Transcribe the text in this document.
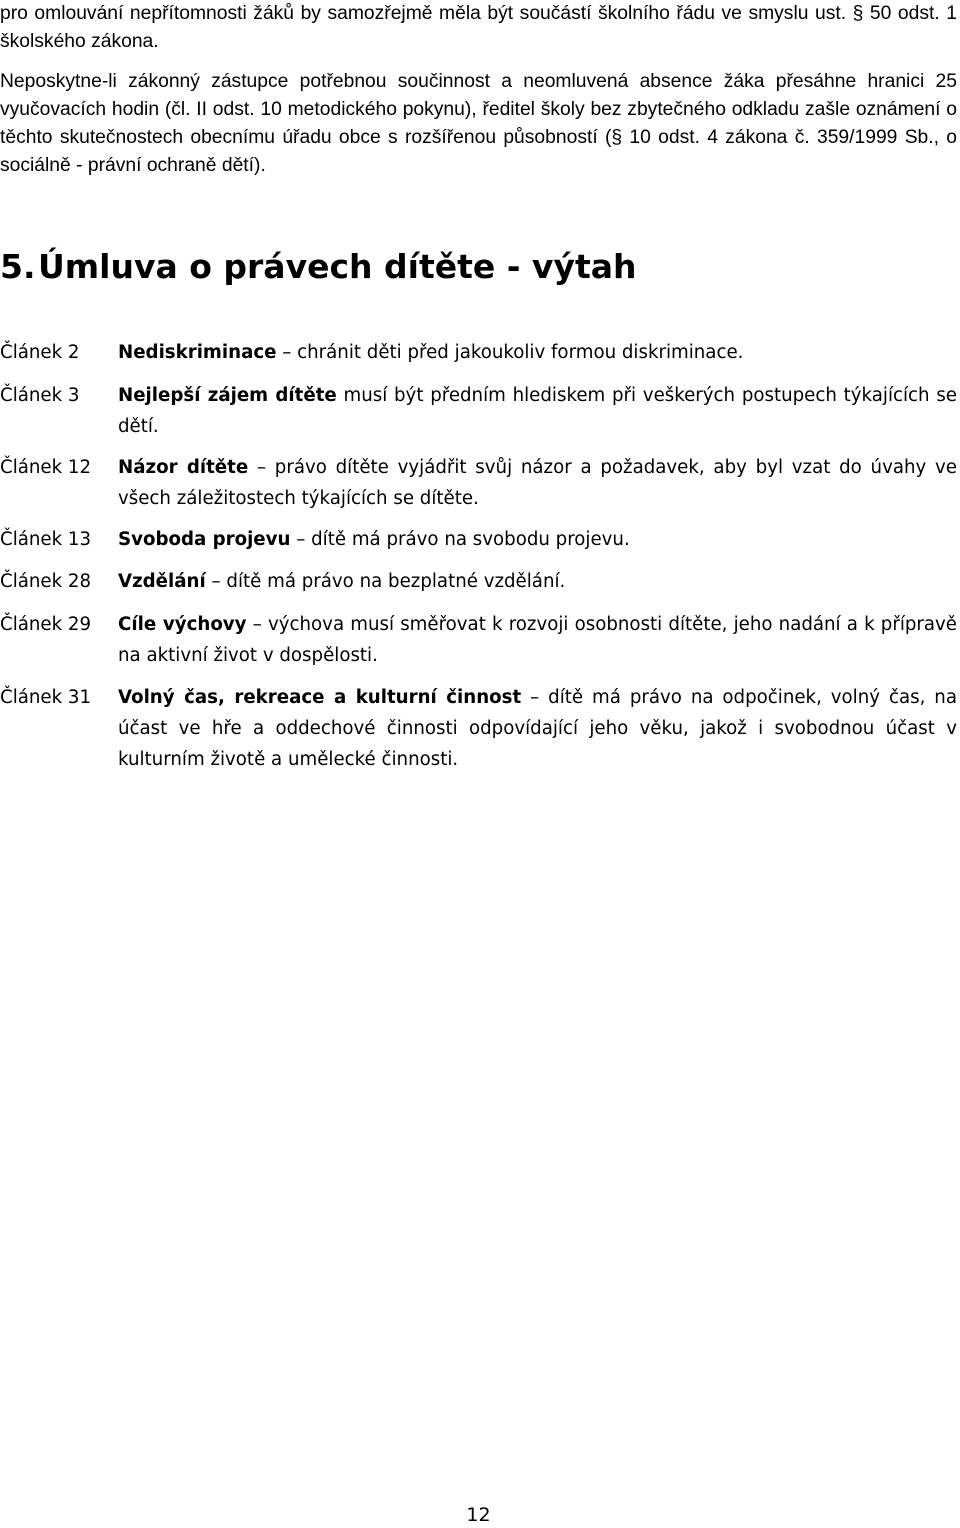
pro omlouvání nepřítomnosti žáků by samozřejmě měla být součástí školního řádu ve smyslu ust. § 50 odst. 1 školského zákona.

Neposkytne-li zákonný zástupce potřebnou součinnost a neomluvená absence žáka přesáhne hranici 25 vyučovacích hodin (čl. II odst. 10 metodického pokynu), ředitel školy bez zbytečného odkladu zašle oznámení o těchto skutečnostech obecnímu úřadu obce s rozšířenou působností (§ 10 odst. 4 zákona č. 359/1999 Sb., o sociálně - právní ochraně dětí).

5.Úmluva o právech dítěte - výtah
Článek 2	Nediskriminace – chránit děti před jakoukoliv formou diskriminace.
Článek 3	Nejlepší zájem dítěte musí být předním hlediskem při veškerých postupech týkajících se dětí.
Článek 12	Názor dítěte – právo dítěte vyjádřit svůj názor a požadavek, aby byl vzat do úvahy ve všech záležitostech týkajících se dítěte.
Článek 13	Svoboda projevu – dítě má právo na svobodu projevu.
Článek 28	Vzdělání – dítě má právo na bezplatné vzdělání.
Článek 29	Cíle výchovy – výchova musí směřovat k rozvoji osobnosti dítěte, jeho nadání a k přípravě na aktivní život v dospělosti.
Článek 31	Volný čas, rekreace a kulturní činnost – dítě má právo na odpočinek, volný čas, na účast ve hře a oddechové činnosti odpovídající jeho věku, jakož i svobodnou účast v kulturním životě a umělecké činnosti.
12
